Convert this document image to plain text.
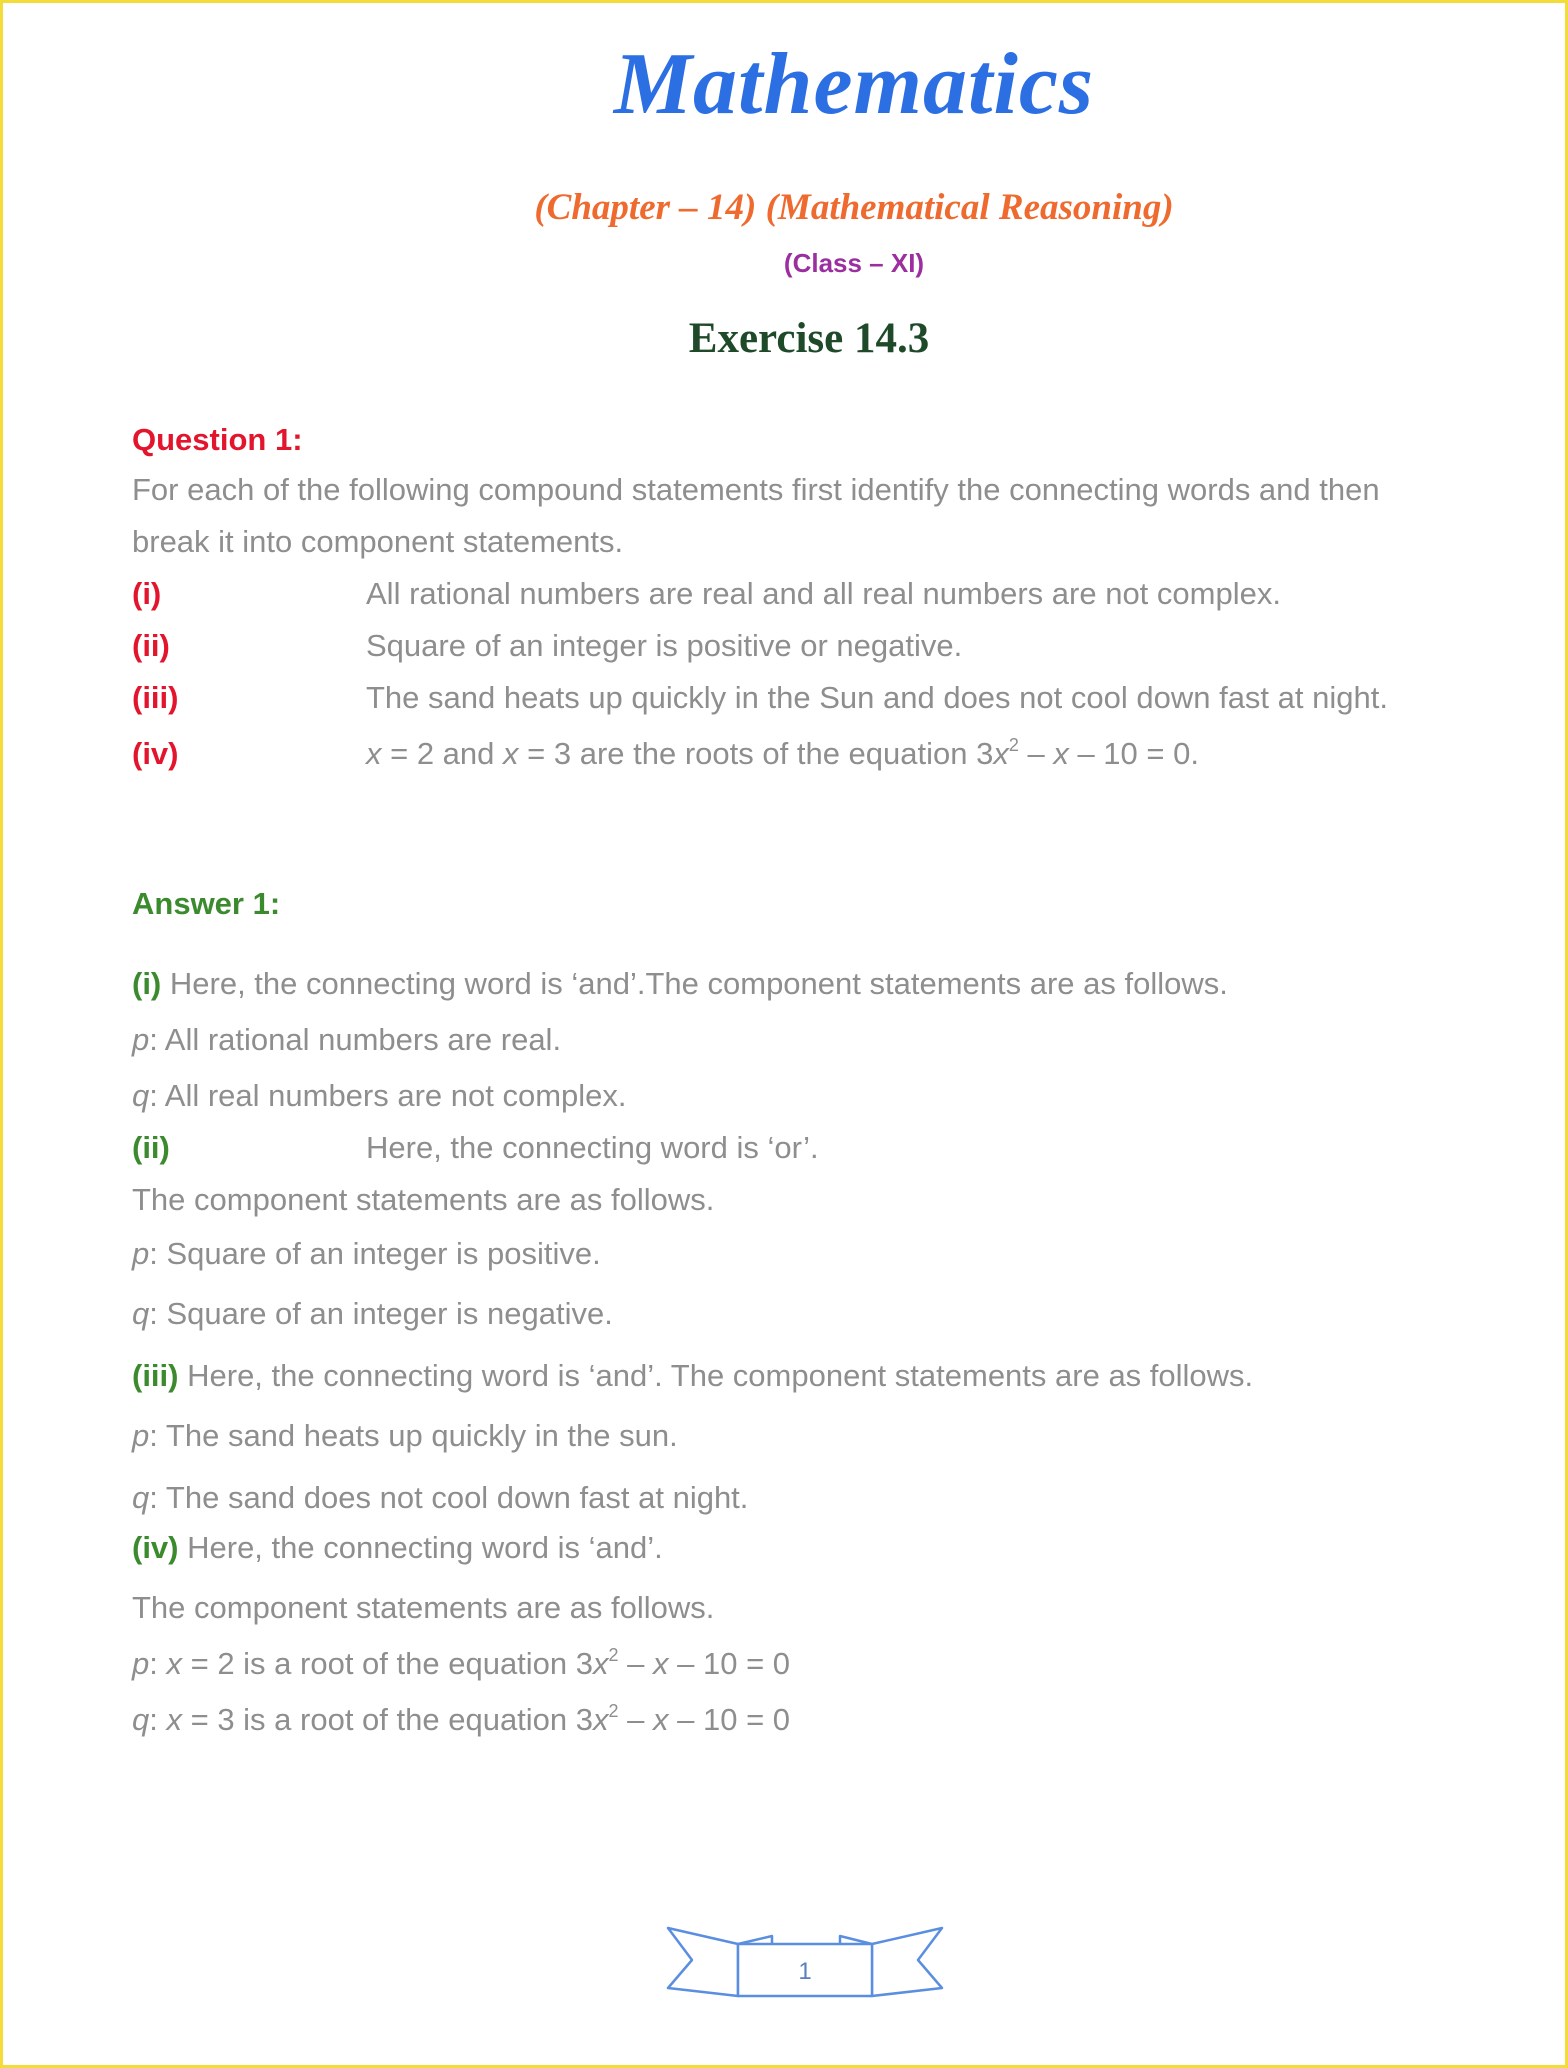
Mathematics
(Chapter – 14) (Mathematical Reasoning)
(Class – XI)
Exercise 14.3
Question 1:
For each of the following compound statements first identify the connecting words and then
break it into component statements.
(i)	All rational numbers are real and all real numbers are not complex.
(ii)	Square of an integer is positive or negative.
(iii)	The sand heats up quickly in the Sun and does not cool down fast at night.
(iv)	x = 2 and x = 3 are the roots of the equation $3x^2 - x - 10 = 0$.
Answer 1:
(i) Here, the connecting word is ‘and’.The component statements are as follows.
p: All rational numbers are real.
q: All real numbers are not complex.
(ii)	Here, the connecting word is ‘or’.
The component statements are as follows.
p: Square of an integer is positive.
q: Square of an integer is negative.
(iii) Here, the connecting word is ‘and’. The component statements are as follows.
p: The sand heats up quickly in the sun.
q: The sand does not cool down fast at night.
(iv) Here, the connecting word is ‘and’.
The component statements are as follows.
p: x = 2 is a root of the equation $3x^2 - x - 10 = 0$
q: x = 3 is a root of the equation $3x^2 - x - 10 = 0$
1
